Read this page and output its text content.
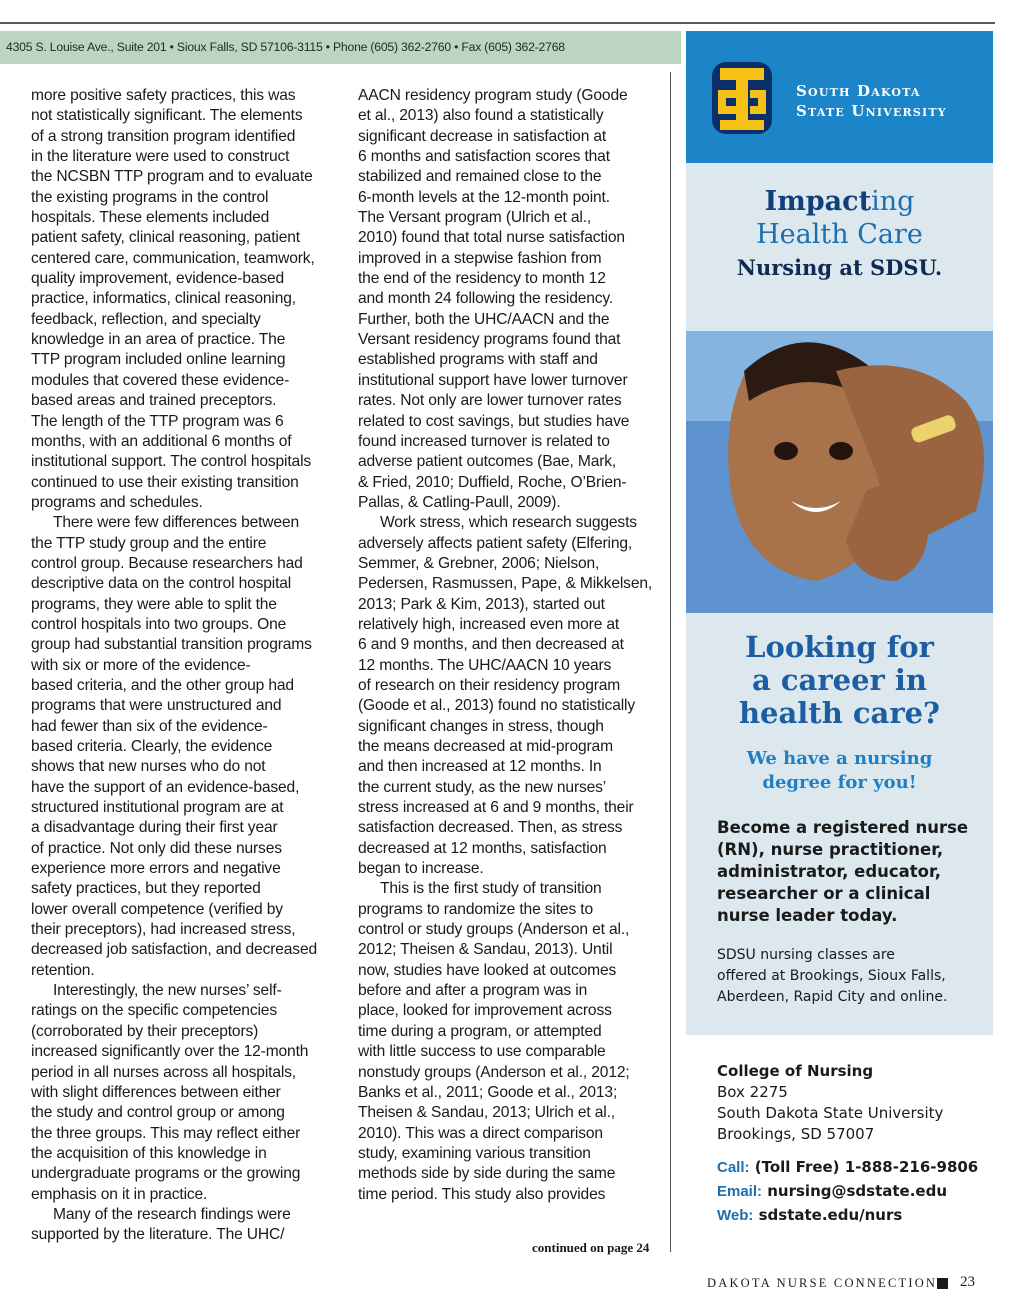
4305 S. Louise Ave., Suite 201 • Sioux Falls, SD 57106-3115 • Phone (605) 362-2760 • Fax (605) 362-2768

more positive safety practices, this was

not statistically significant. The elements

of a strong transition program identified

in the literature were used to construct

the NCSBN TTP program and to evaluate

the existing programs in the control

hospitals. These elements included

patient safety, clinical reasoning, patient

centered care, communication, teamwork,

quality improvement, evidence-based

practice, informatics, clinical reasoning,

feedback, reflection, and specialty

knowledge in an area of practice. The

TTP program included online learning

modules that covered these evidence-

based areas and trained preceptors.

The length of the TTP program was 6

months, with an additional 6 months of

institutional support. The control hospitals

continued to use their existing transition

programs and schedules.

There were few differences between

the TTP study group and the entire

control group. Because researchers had

descriptive data on the control hospital

programs, they were able to split the

control hospitals into two groups. One

group had substantial transition programs

with six or more of the evidence-

based criteria, and the other group had

programs that were unstructured and

had fewer than six of the evidence-

based criteria. Clearly, the evidence

shows that new nurses who do not

have the support of an evidence-based,

structured institutional program are at

a disadvantage during their first year

of practice. Not only did these nurses

experience more errors and negative

safety practices, but they reported

lower overall competence (verified by

their preceptors), had increased stress,

decreased job satisfaction, and decreased

retention.

Interestingly, the new nurses’ self-

ratings on the specific competencies

(corroborated by their preceptors)

increased significantly over the 12-month

period in all nurses across all hospitals,

with slight differences between either

the study and control group or among

the three groups. This may reflect either

the acquisition of this knowledge in

undergraduate programs or the growing

emphasis on it in practice.

Many of the research findings were

supported by the literature. The UHC/

AACN residency program study (Goode

et al., 2013) also found a statistically

significant decrease in satisfaction at

6 months and satisfaction scores that

stabilized and remained close to the

6-month levels at the 12-month point.

The Versant program (Ulrich et al.,

2010) found that total nurse satisfaction

improved in a stepwise fashion from

the end of the residency to month 12

and month 24 following the residency.

Further, both the UHC/AACN and the

Versant residency programs found that

established programs with staff and

institutional support have lower turnover

rates. Not only are lower turnover rates

related to cost savings, but studies have

found increased turnover is related to

adverse patient outcomes (Bae, Mark,

& Fried, 2010; Duffield, Roche, O’Brien-

Pallas, & Catling-Paull, 2009).

Work stress, which research suggests

adversely affects patient safety (Elfering,

Semmer, & Grebner, 2006; Nielson,

Pedersen, Rasmussen, Pape, & Mikkelsen,

2013; Park & Kim, 2013), started out

relatively high, increased even more at

6 and 9 months, and then decreased at

12 months. The UHC/AACN 10 years

of research on their residency program

(Goode et al., 2013) found no statistically

significant changes in stress, though

the means decreased at mid-program

and then increased at 12 months. In

the current study, as the new nurses’

stress increased at 6 and 9 months, their

satisfaction decreased. Then, as stress

decreased at 12 months, satisfaction

began to increase.

This is the first study of transition

programs to randomize the sites to

control or study groups (Anderson et al.,

2012; Theisen & Sandau, 2013). Until

now, studies have looked at outcomes

before and after a program was in

place, looked for improvement across

time during a program, or attempted

with little success to use comparable

nonstudy groups (Anderson et al., 2012;

Banks et al., 2011; Goode et al., 2013;

Theisen & Sandau, 2013; Ulrich et al.,

2010). This was a direct comparison

study, examining various transition

methods side by side during the same

time period. This study also provides

continued on page 24
South Dakota
State University
Impacting
Health Care
Nursing at SDSU.
Looking for
a career in
health care?
We have a nursing
degree for you!
Become a registered nurse
(RN), nurse practitioner,
administrator, educator,
researcher or a clinical
nurse leader today.
SDSU nursing classes are
offered at Brookings, Sioux Falls,
Aberdeen, Rapid City and online.
College of Nursing
Box 2275
South Dakota State University
Brookings, SD 57007
Call: (Toll Free) 1-888-216-9806
Email: nursing@sdstate.edu
Web: sdstate.edu/nurs
DAKOTA NURSE CONNECTION 23
